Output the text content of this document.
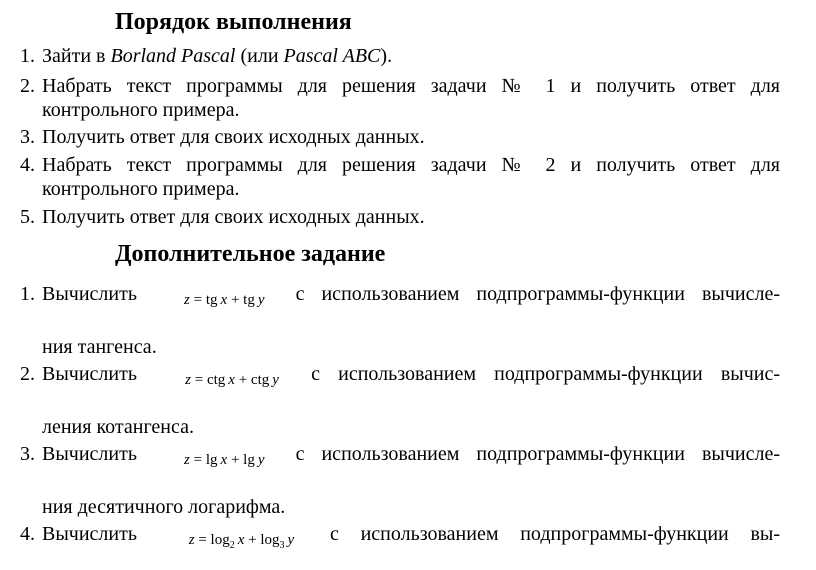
Порядок выполнения
1. Зайти в Borland Pascal (или Pascal ABC).
2. Набрать текст программы для решения задачи № 1 и получить ответ для
контрольного примера.
3. Получить ответ для своих исходных данных.
4. Набрать текст программы для решения задачи № 2 и получить ответ для
контрольного примера.
5. Получить ответ для своих исходных данных.
Дополнительное задание
1. Вычислить	z = tg  x + tg  y с использованием подпрограммы-функции вычисле-
ния тангенса.
2. Вычислить	z = ctg  x + ctg  y с использованием подпрограммы-функции вычис-
ления котангенса.
3. Вычислить	z = lg  x + lg  y с использованием подпрограммы-функции вычисле-
ния десятичного логарифма.
4. Вычислить	$z = \log_2 x + \log_3 y$ с использованием подпрограммы-функции вы-
